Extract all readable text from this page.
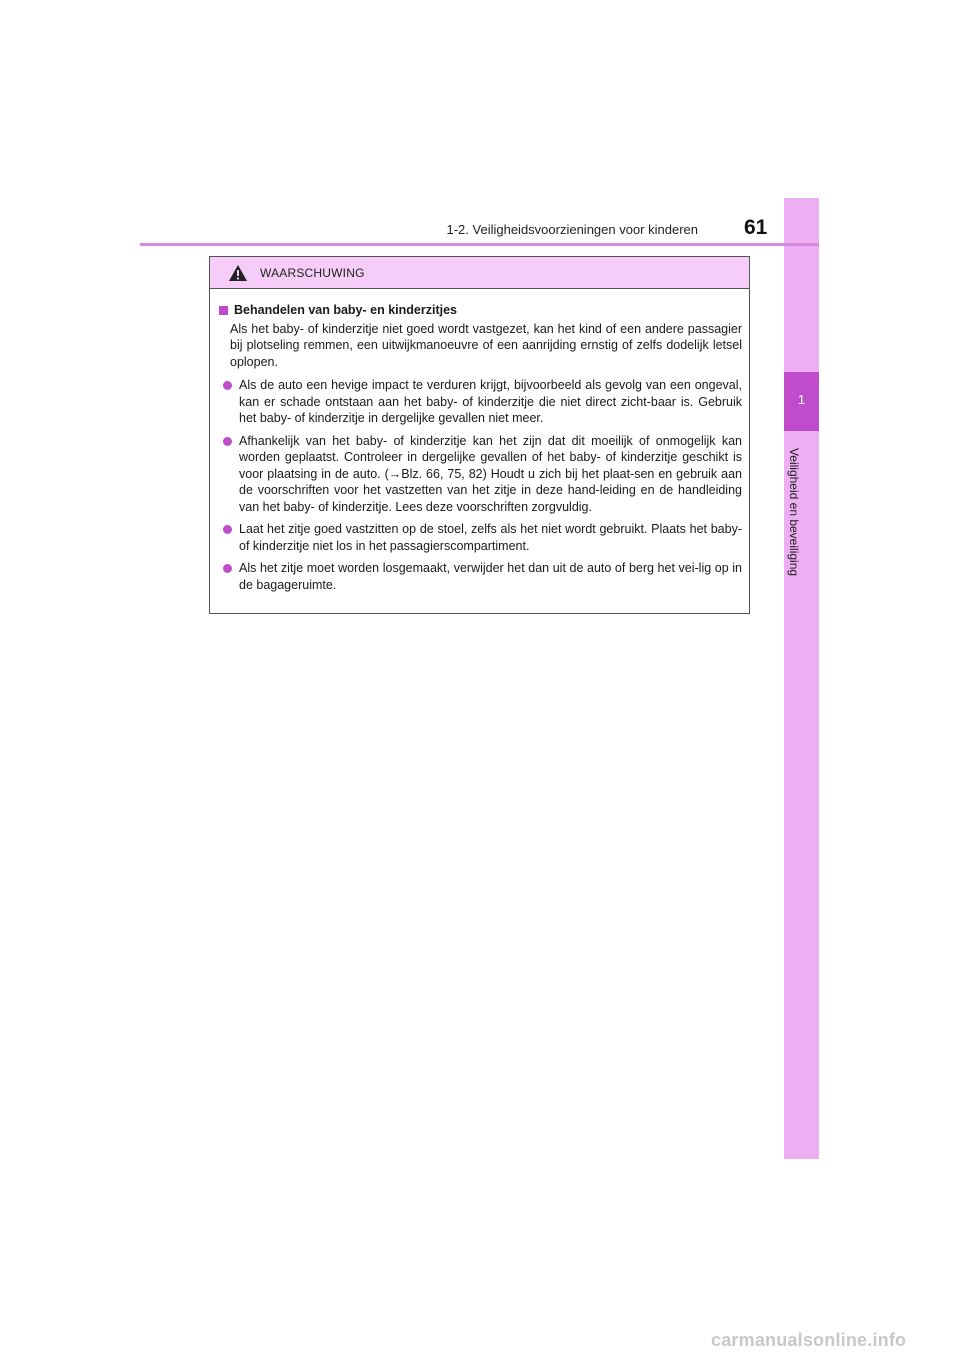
1
Veiligheid en beveiliging
1-2. Veiligheidsvoorzieningen voor kinderen 61
WAARSCHUWING
Behandelen van baby- en kinderzitjes
Als het baby- of kinderzitje niet goed wordt vastgezet, kan het kind of een andere passagier bij plotseling remmen, een uitwijkmanoeuvre of een aanrijding ernstig of zelfs dodelijk letsel oplopen.
Als de auto een hevige impact te verduren krijgt, bijvoorbeeld als gevolg van een ongeval, kan er schade ontstaan aan het baby- of kinderzitje die niet direct zicht-baar is. Gebruik het baby- of kinderzitje in dergelijke gevallen niet meer.
Afhankelijk van het baby- of kinderzitje kan het zijn dat dit moeilijk of onmogelijk kan worden geplaatst. Controleer in dergelijke gevallen of het baby- of kinderzitje geschikt is voor plaatsing in de auto. (→Blz. 66, 75, 82) Houdt u zich bij het plaat-sen en gebruik aan de voorschriften voor het vastzetten van het zitje in deze hand-leiding en de handleiding van het baby- of kinderzitje. Lees deze voorschriften zorgvuldig.
Laat het zitje goed vastzitten op de stoel, zelfs als het niet wordt gebruikt. Plaats het baby- of kinderzitje niet los in het passagierscompartiment.
Als het zitje moet worden losgemaakt, verwijder het dan uit de auto of berg het vei-lig op in de bagageruimte.
carmanualsonline.info
